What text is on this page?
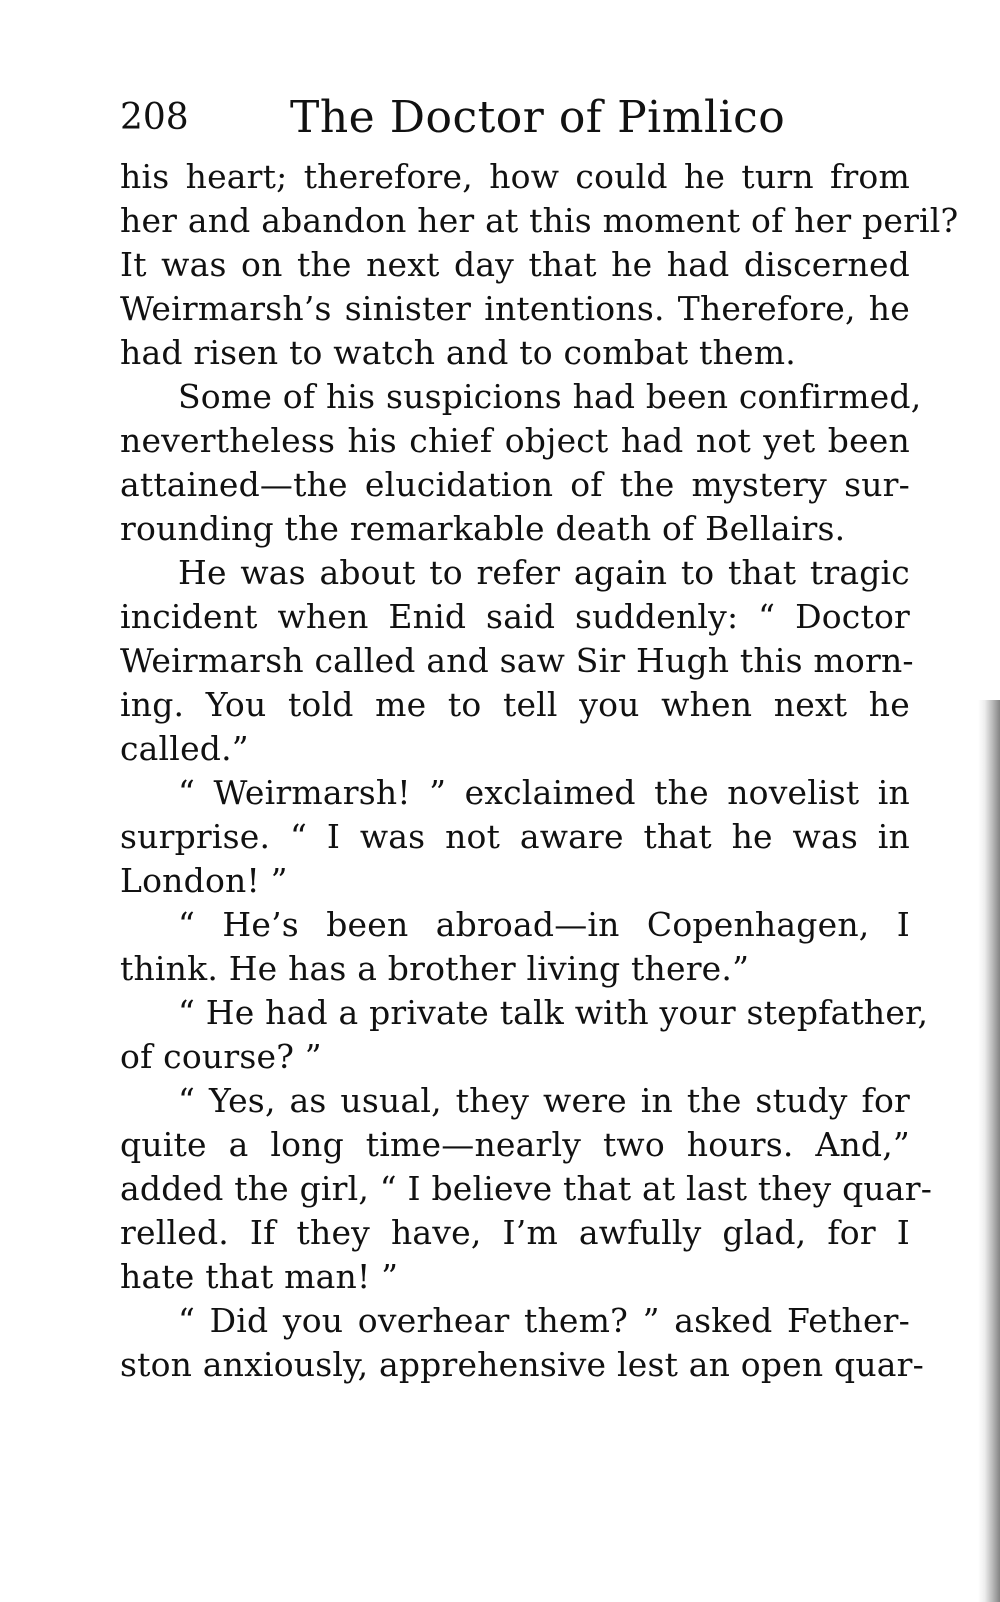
208 The Doctor of Pimlico
his heart; therefore, how could he turn from
her and abandon her at this moment of her peril?
It was on the next day that he had discerned
Weirmarsh’s sinister intentions. Therefore, he
had risen to watch and to combat them.
Some of his suspicions had been confirmed,
nevertheless his chief object had not yet been
attained—the elucidation of the mystery sur-
rounding the remarkable death of Bellairs.
He was about to refer again to that tragic
incident when Enid said suddenly: “ Doctor
Weirmarsh called and saw Sir Hugh this morn-
ing. You told me to tell you when next he
called.”
“ Weirmarsh! ” exclaimed the novelist in
surprise. “ I was not aware that he was in
London! ”
“ He’s been abroad—in Copenhagen, I
think. He has a brother living there.”
“ He had a private talk with your stepfather,
of course? ”
“ Yes, as usual, they were in the study for
quite a long time—nearly two hours. And,”
added the girl, “ I believe that at last they quar-
relled. If they have, I’m awfully glad, for I
hate that man! ”
“ Did you overhear them? ” asked Fether-
ston anxiously, apprehensive lest an open quar-
